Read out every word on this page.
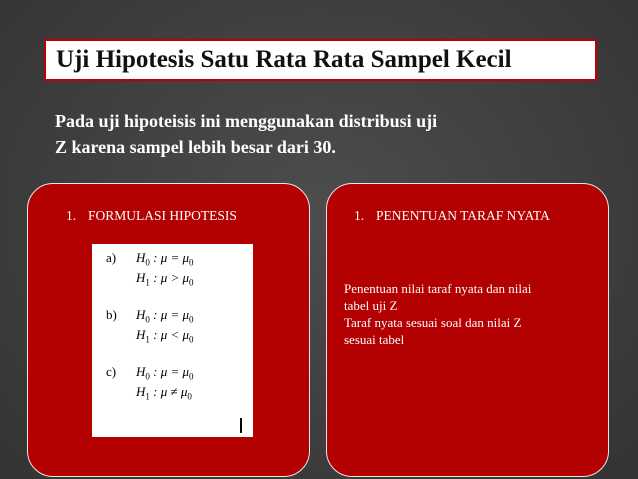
Uji Hipotesis Satu Rata Rata Sampel Kecil
Pada uji hipoteisis ini menggunakan distribusi uji
Z karena sampel lebih besar dari 30.
1. FORMULASI HIPOTESIS
a) $H_0$ : $\mu = \mu_0$
$H_1$ : $\mu > \mu_0$
b) $H_0$ : $\mu = \mu_0$
$H_1$ : $\mu < \mu_0$
c) $H_0$ : $\mu = \mu_0$
$H_1$ : $\mu \ne \mu_0$
1. PENENTUAN TARAF NYATA
Penentuan nilai taraf nyata dan nilai
tabel uji Z
Taraf nyata sesuai soal dan nilai Z
sesuai tabel
